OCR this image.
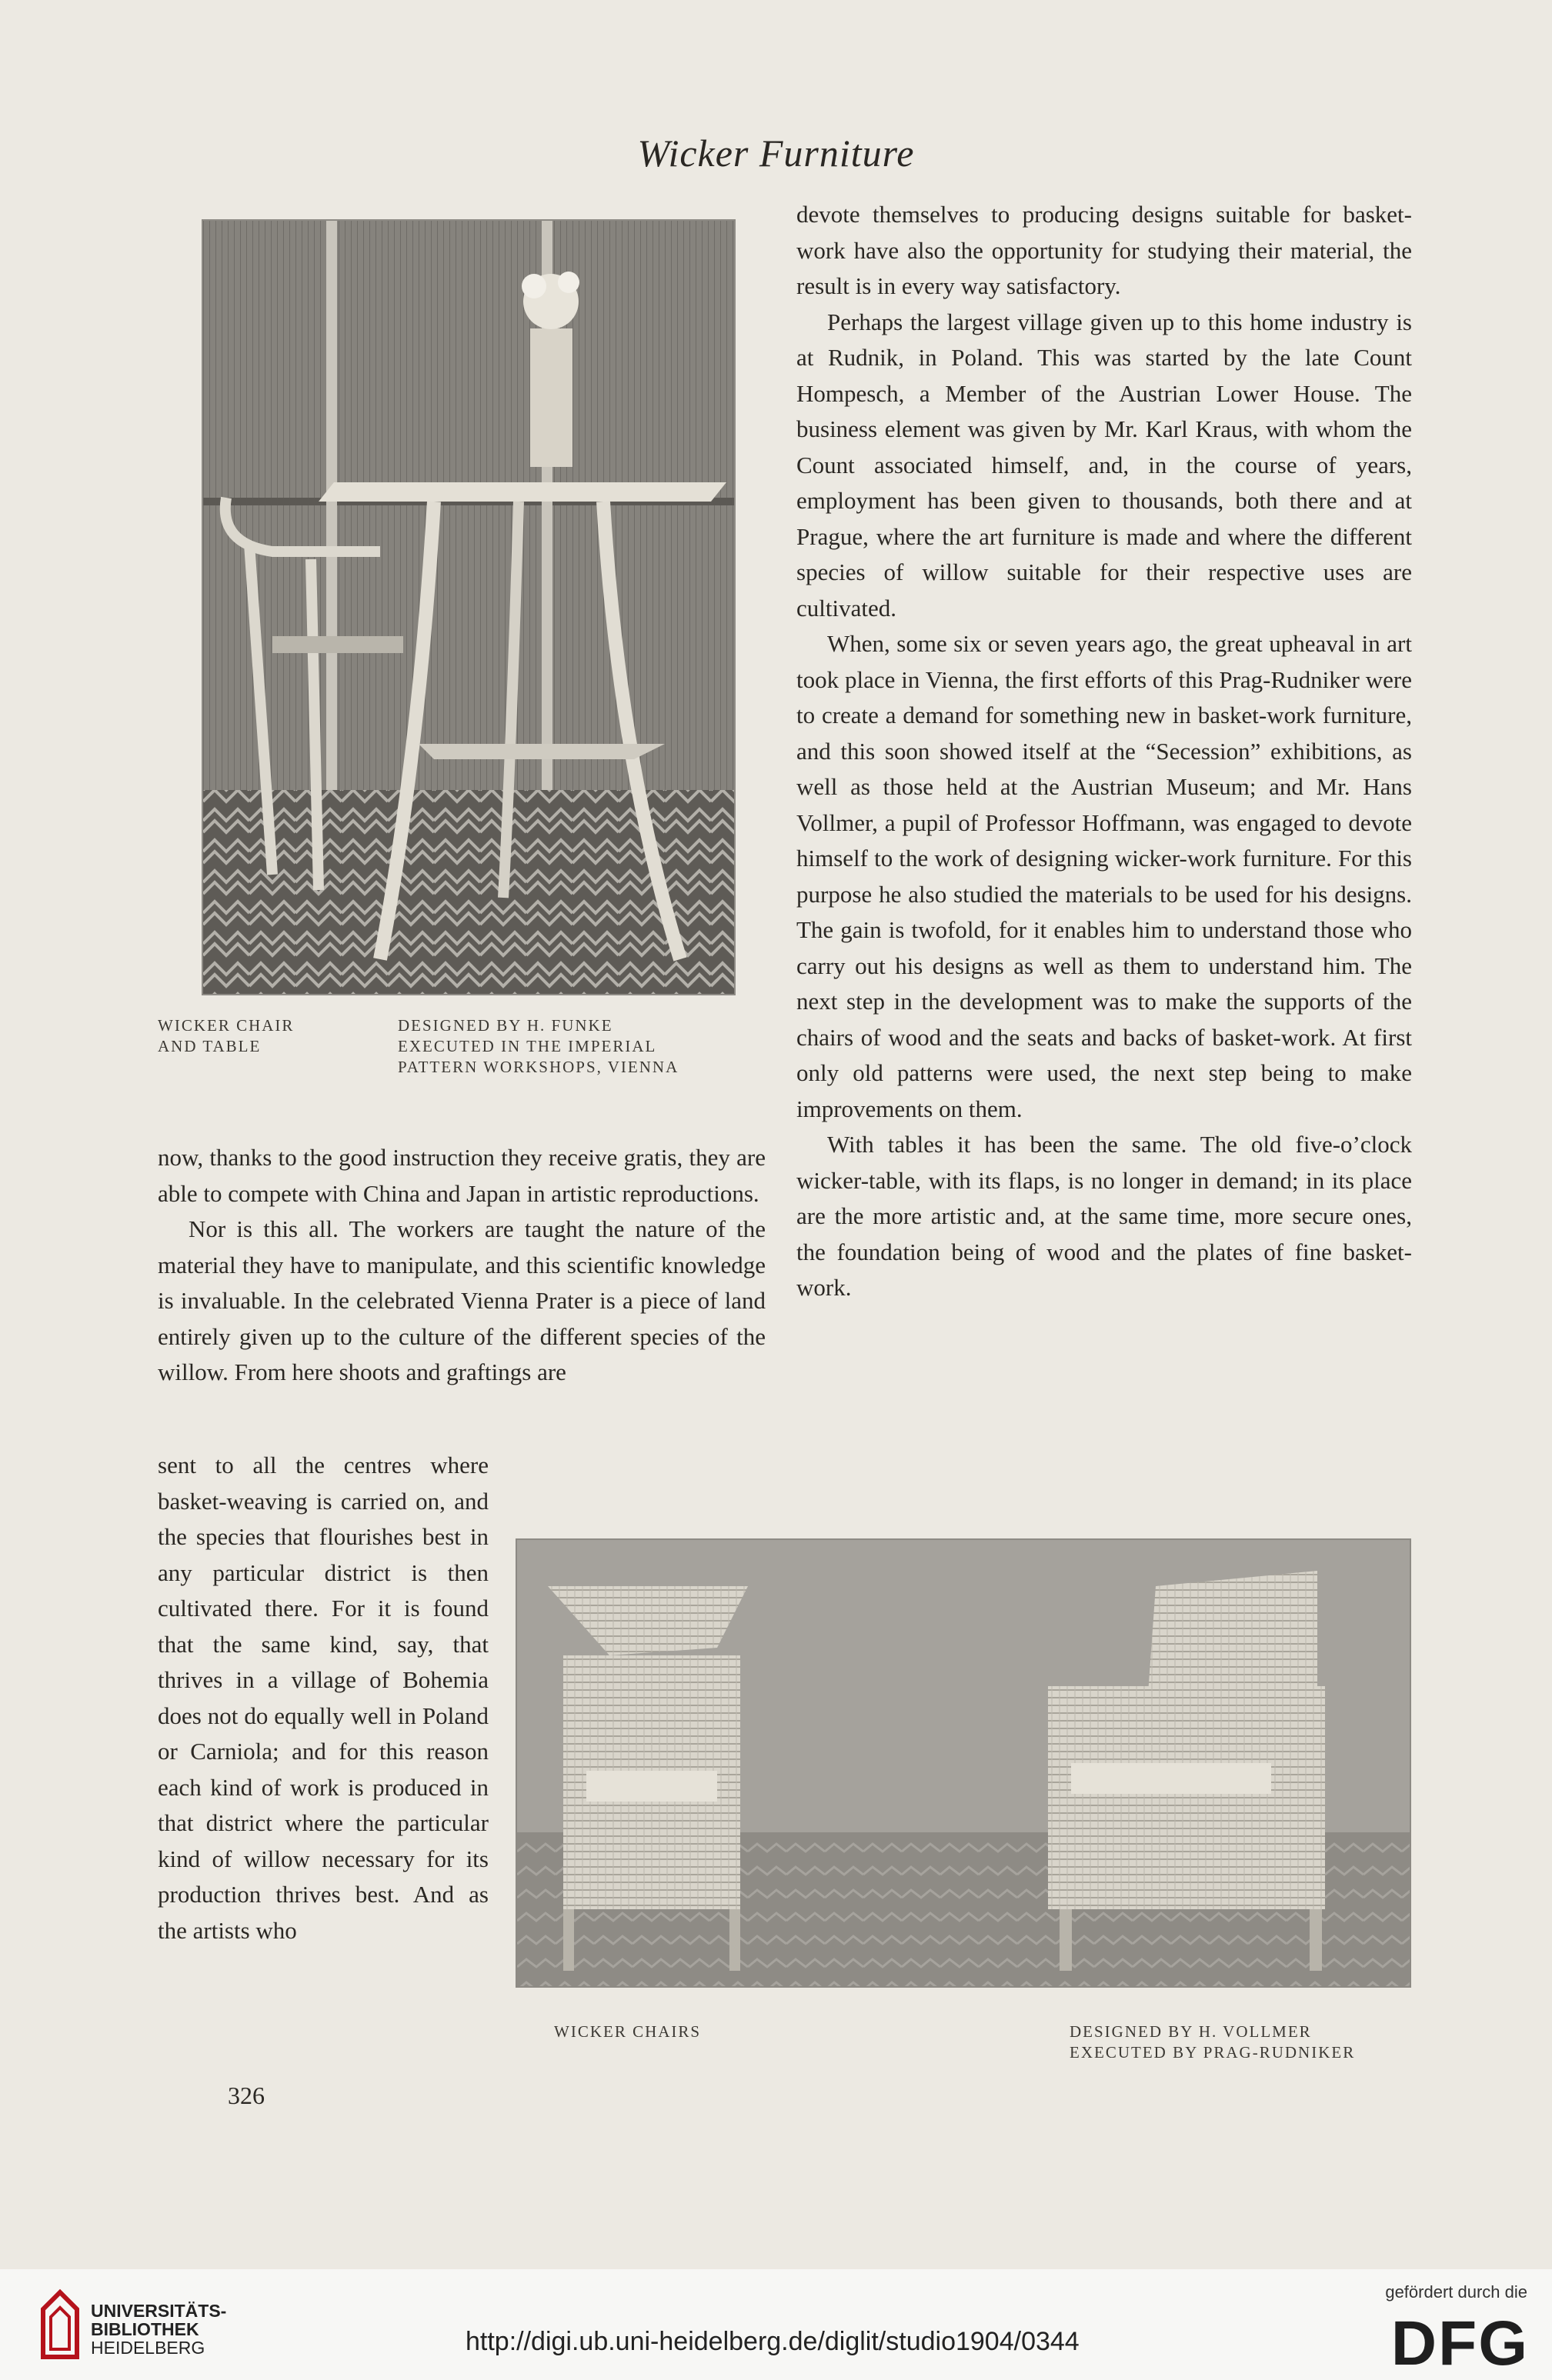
Wicker Furniture
WICKER CHAIR
AND TABLE
DESIGNED BY H. FUNKE
EXECUTED IN THE IMPERIAL
PATTERN WORKSHOPS, VIENNA

devote themselves to producing designs suitable for basket-work have also the opportunity for studying their material, the result is in every way satisfactory.

Perhaps the largest village given up to this home industry is at Rudnik, in Poland. This was started by the late Count Hompesch, a Member of the Austrian Lower House. The business element was given by Mr. Karl Kraus, with whom the Count associated himself, and, in the course of years, employment has been given to thousands, both there and at Prague, where the art furniture is made and where the different species of willow suitable for their respective uses are cultivated.

When, some six or seven years ago, the great upheaval in art took place in Vienna, the first efforts of this Prag-Rudniker were to create a demand for something new in basket-work furniture, and this soon showed itself at the “Secession” exhibitions, as well as those held at the Austrian Museum; and Mr. Hans Vollmer, a pupil of Professor Hoffmann, was engaged to devote himself to the work of designing wicker-work furniture. For this purpose he also studied the materials to be used for his designs. The gain is twofold, for it enables him to understand those who carry out his designs as well as them to understand him. The next step in the development was to make the supports of the chairs of wood and the seats and backs of basket-work. At first only old patterns were used, the next step being to make improvements on them.

With tables it has been the same. The old five-o’clock wicker-table, with its flaps, is no longer in demand; in its place are the more artistic and, at the same time, more secure ones, the foundation being of wood and the plates of fine basket-work.

now, thanks to the good instruction they receive gratis, they are able to compete with China and Japan in artistic reproductions.

Nor is this all. The workers are taught the nature of the material they have to manipulate, and this scientific knowledge is invaluable. In the celebrated Vienna Prater is a piece of land entirely given up to the culture of the different species of the willow. From here shoots and graftings are

sent to all the centres where basket-weaving is carried on, and the species that flourishes best in any particular district is then cultivated there. For it is found that the same kind, say, that thrives in a village of Bohemia does not do equally well in Poland or Carniola; and for this reason each kind of work is produced in that district where the particular kind of willow necessary for its production thrives best. And as the artists who

WICKER CHAIRS	DESIGNED BY H. VOLLMER
EXECUTED BY PRAG-RUDNIKER
326
UNIVERSITÄTS-
BIBLIOTHEK
HEIDELBERG	http://digi.ub.uni-heidelberg.de/diglit/studio1904/0344
gefördert durch die
DFG
